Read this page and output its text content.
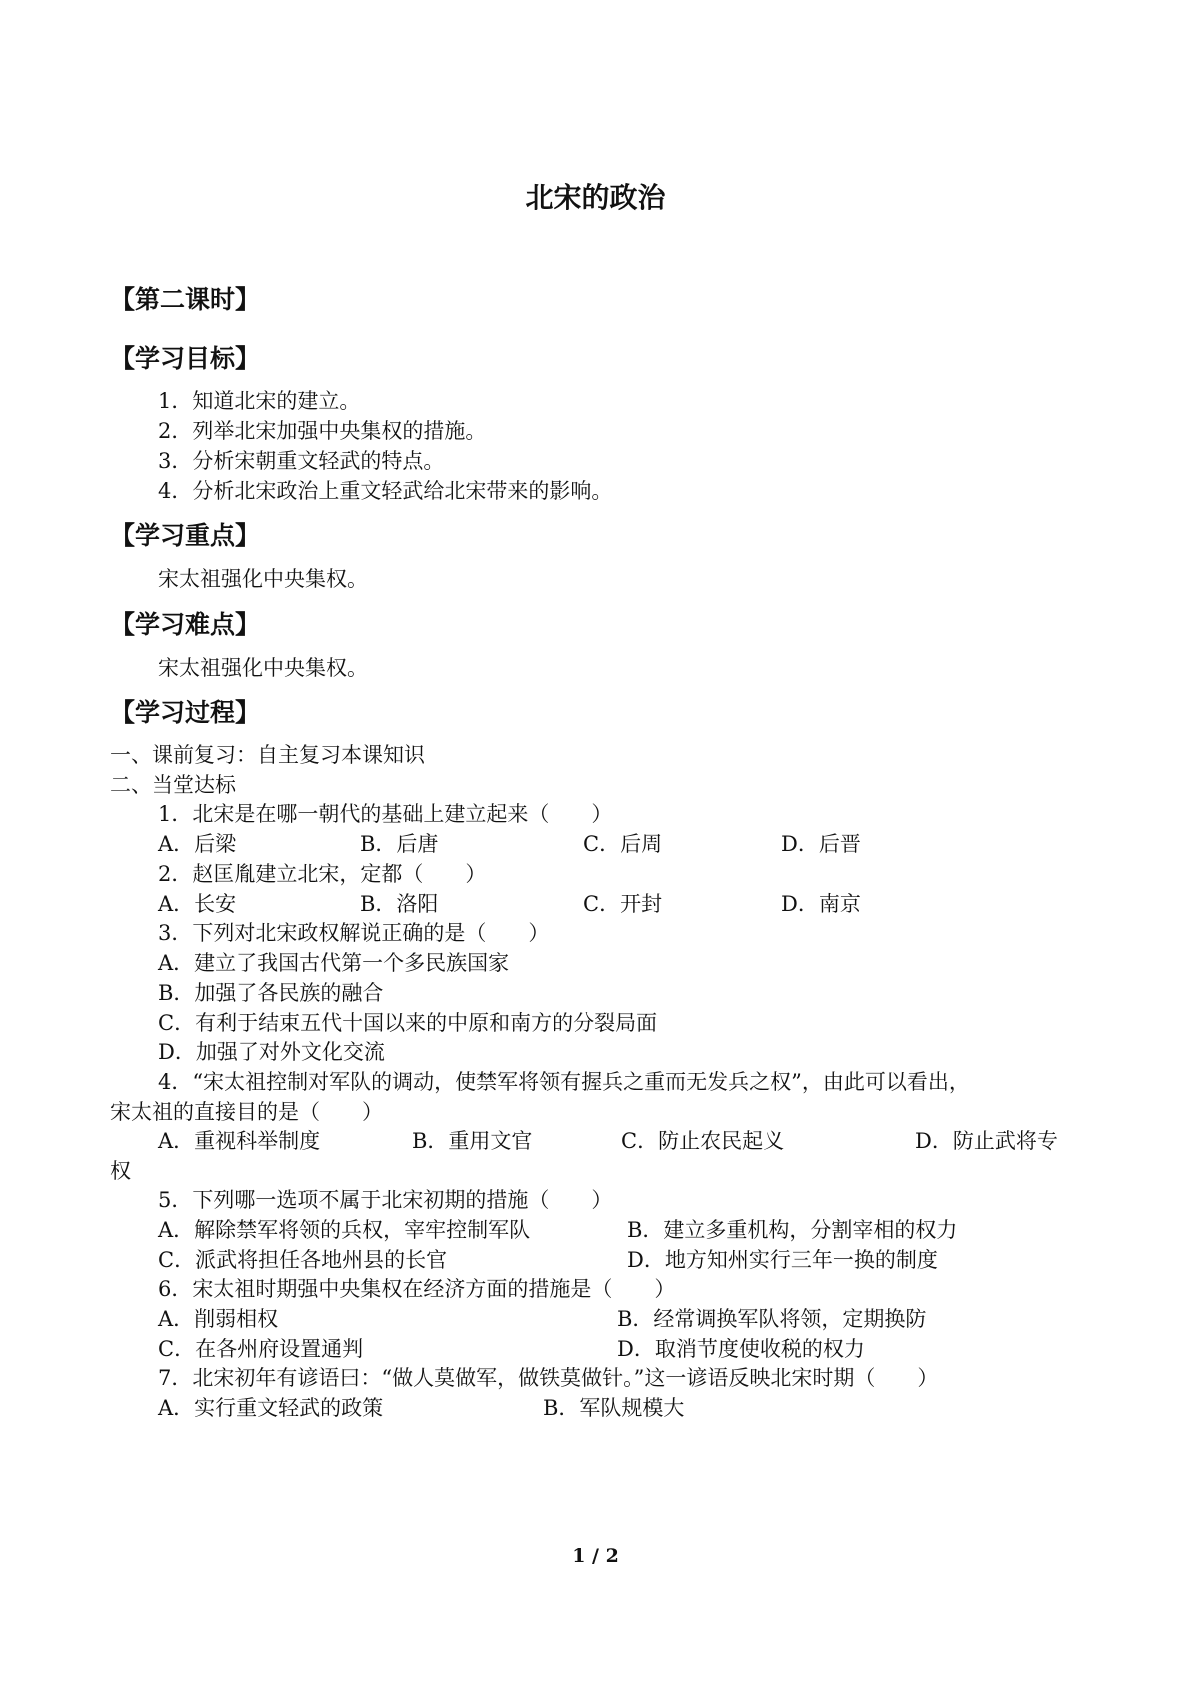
北宋的政治
【第二课时】
【学习目标】
1．知道北宋的建立。
2．列举北宋加强中央集权的措施。
3．分析宋朝重文轻武的特点。
4．分析北宋政治上重文轻武给北宋带来的影响。
【学习重点】
宋太祖强化中央集权。
【学习难点】
宋太祖强化中央集权。
【学习过程】
一、课前复习：自主复习本课知识
二、当堂达标
1．北宋是在哪一朝代的基础上建立起来（　　）
A．后梁	B．后唐	C．后周	D．后晋
2．赵匡胤建立北宋，定都（　　）
A．长安	B．洛阳	C．开封	D．南京
3．下列对北宋政权解说正确的是（　　）
A．建立了我国古代第一个多民族国家
B．加强了各民族的融合
C．有利于结束五代十国以来的中原和南方的分裂局面
D．加强了对外文化交流
4．“宋太祖控制对军队的调动，使禁军将领有握兵之重而无发兵之权”，由此可以看出，
宋太祖的直接目的是（　　）
A．重视科举制度	B．重用文官	C．防止农民起义	D．防止武将专
权
5．下列哪一选项不属于北宋初期的措施（　　）
A．解除禁军将领的兵权，宰牢控制军队	B．建立多重机构，分割宰相的权力
C．派武将担任各地州县的长官	D．地方知州实行三年一换的制度
6．宋太祖时期强中央集权在经济方面的措施是（　　）
A．削弱相权	B．经常调换军队将领，定期换防
C．在各州府设置通判	D．取消节度使收税的权力
7．北宋初年有谚语曰：“做人莫做军，做铁莫做针。”这一谚语反映北宋时期（　　）
A．实行重文轻武的政策	B．军队规模大
1 / 2
